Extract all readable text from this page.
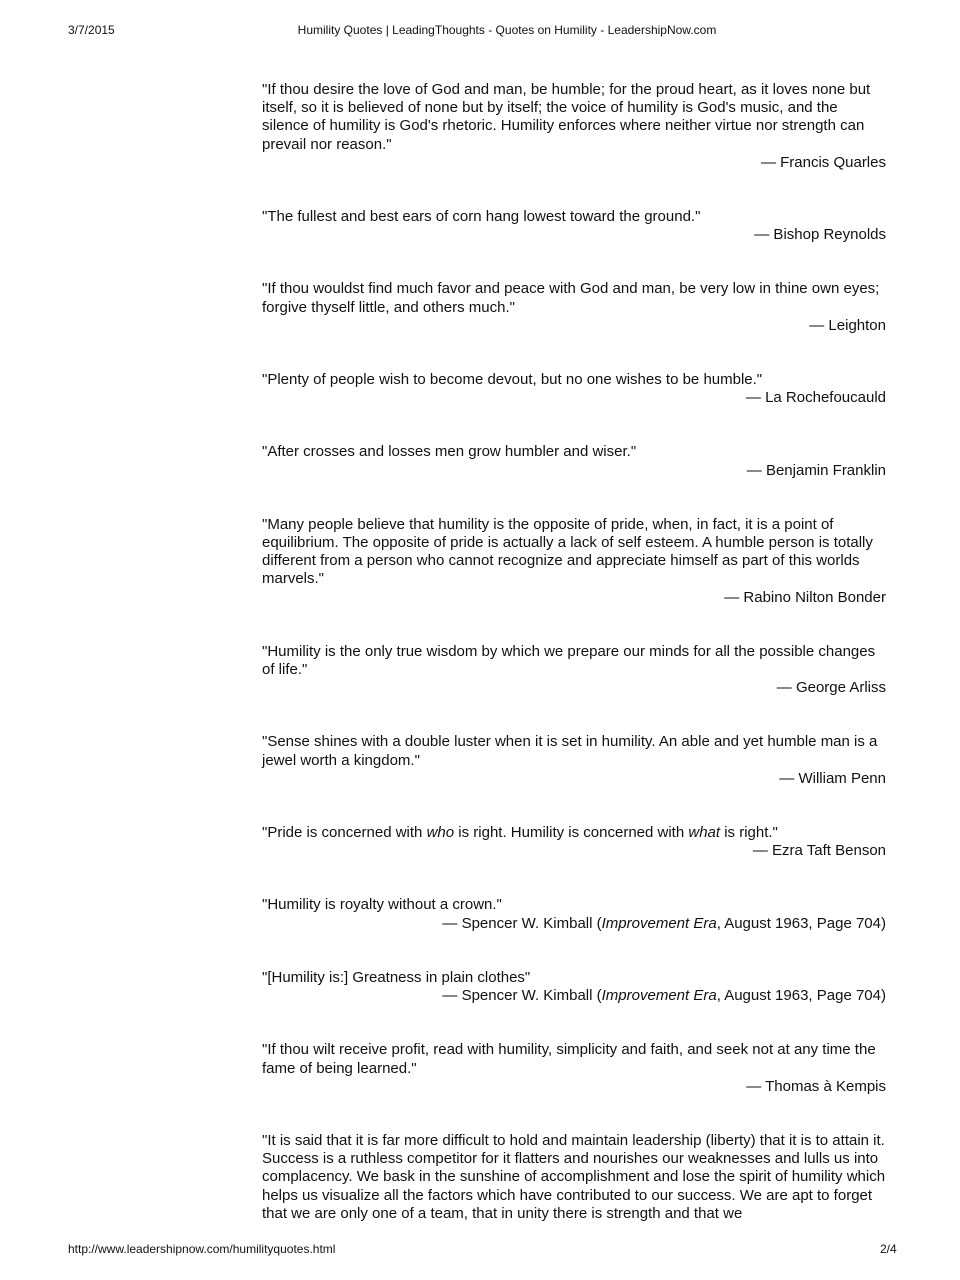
3/7/2015	Humility Quotes | LeadingThoughts - Quotes on Humility - LeadershipNow.com

"If thou desire the love of God and man, be humble; for the proud heart, as it loves none but itself, so it is believed of none but by itself; the voice of humility is God's music, and the silence of humility is God's rhetoric. Humility enforces where neither virtue nor strength can prevail nor reason."

— Francis Quarles

"The fullest and best ears of corn hang lowest toward the ground."

— Bishop Reynolds

"If thou wouldst find much favor and peace with God and man, be very low in thine own eyes; forgive thyself little, and others much."

— Leighton

"Plenty of people wish to become devout, but no one wishes to be humble."

— La Rochefoucauld

"After crosses and losses men grow humbler and wiser."

— Benjamin Franklin

"Many people believe that humility is the opposite of pride, when, in fact, it is a point of equilibrium. The opposite of pride is actually a lack of self esteem. A humble person is totally different from a person who cannot recognize and appreciate himself as part of this worlds marvels."

— Rabino Nilton Bonder

"Humility is the only true wisdom by which we prepare our minds for all the possible changes of life."

— George Arliss

"Sense shines with a double luster when it is set in humility. An able and yet humble man is a jewel worth a kingdom."

— William Penn

"Pride is concerned with who is right. Humility is concerned with what is right."

— Ezra Taft Benson

"Humility is royalty without a crown."

— Spencer W. Kimball (Improvement Era, August 1963, Page 704)

"[Humility is:] Greatness in plain clothes"

— Spencer W. Kimball (Improvement Era, August 1963, Page 704)

"If thou wilt receive profit, read with humility, simplicity and faith, and seek not at any time the fame of being learned."

— Thomas à Kempis

"It is said that it is far more difficult to hold and maintain leadership (liberty) that it is to attain it. Success is a ruthless competitor for it flatters and nourishes our weaknesses and lulls us into complacency. We bask in the sunshine of accomplishment and lose the spirit of humility which helps us visualize all the factors which have contributed to our success. We are apt to forget that we are only one of a team, that in unity there is strength and that we

http://www.leadershipnow.com/humilityquotes.html	2/4
